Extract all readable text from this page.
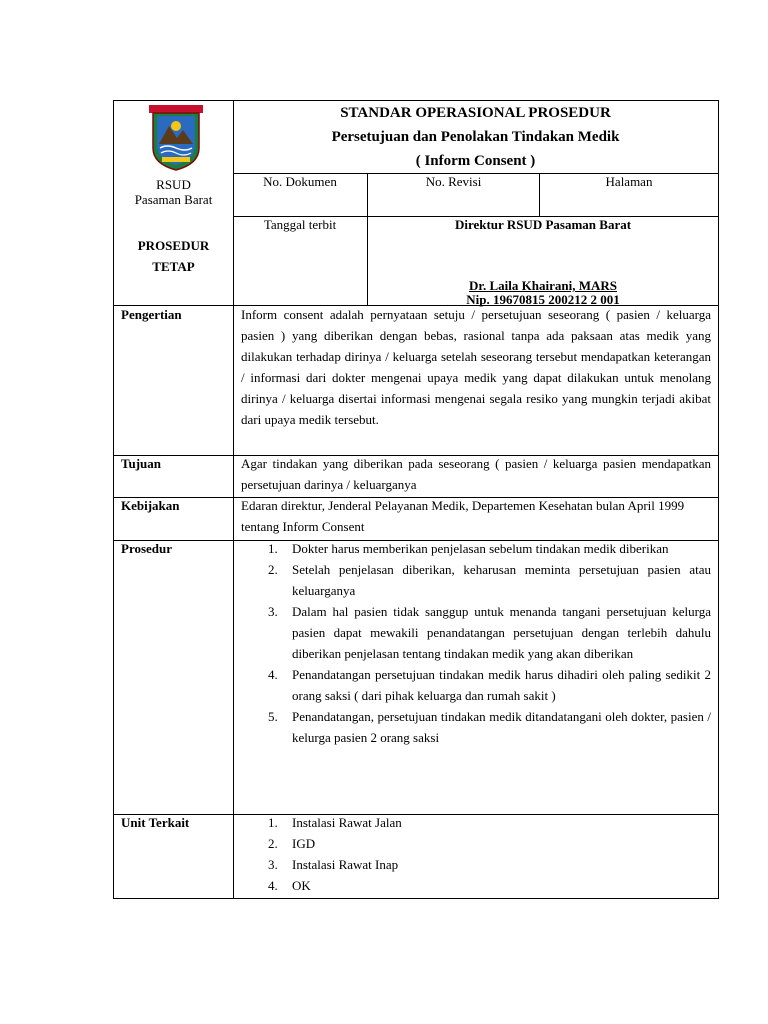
RSUD
Pasaman Barat
PROSEDUR
TETAP
STANDAR OPERASIONAL PROSEDUR
Persetujuan dan Penolakan Tindakan Medik
( Inform Consent )
No. Dokumen	No. Revisi	Halaman
Tanggal terbit	Direktur RSUD Pasaman Barat
Dr. Laila Khairani, MARS
Nip. 19670815 200212 2 001
Pengertian	Inform consent adalah pernyataan setuju / persetujuan seseorang ( pasien / keluarga pasien ) yang diberikan dengan bebas, rasional tanpa ada paksaan atas medik yang dilakukan terhadap dirinya / keluarga setelah seseorang tersebut mendapatkan keterangan / informasi dari dokter mengenai upaya medik yang dapat dilakukan untuk menolang dirinya / keluarga disertai informasi mengenai segala resiko yang mungkin terjadi akibat dari upaya medik tersebut.
Tujuan	Agar tindakan yang diberikan pada seseorang ( pasien / keluarga pasien mendapatkan persetujuan darinya / keluarganya
Kebijakan	Edaran direktur, Jenderal Pelayanan Medik, Departemen Kesehatan bulan April 1999 tentang Inform Consent
Prosedur	1. Dokter harus memberikan penjelasan sebelum tindakan medik diberikan
2. Setelah penjelasan diberikan, keharusan meminta persetujuan pasien atau keluarganya
3. Dalam hal pasien tidak sanggup untuk menanda tangani persetujuan kelurga pasien dapat mewakili penandatangan persetujuan dengan terlebih dahulu diberikan penjelasan tentang tindakan medik yang akan diberikan
4. Penandatangan persetujuan tindakan medik harus dihadiri oleh paling sedikit 2 orang saksi ( dari pihak keluarga dan rumah sakit )
5. Penandatangan, persetujuan tindakan medik ditandatangani oleh dokter, pasien / kelurga pasien 2 orang saksi
Unit Terkait	1. Instalasi Rawat Jalan
2. IGD
3. Instalasi Rawat Inap
4. OK
